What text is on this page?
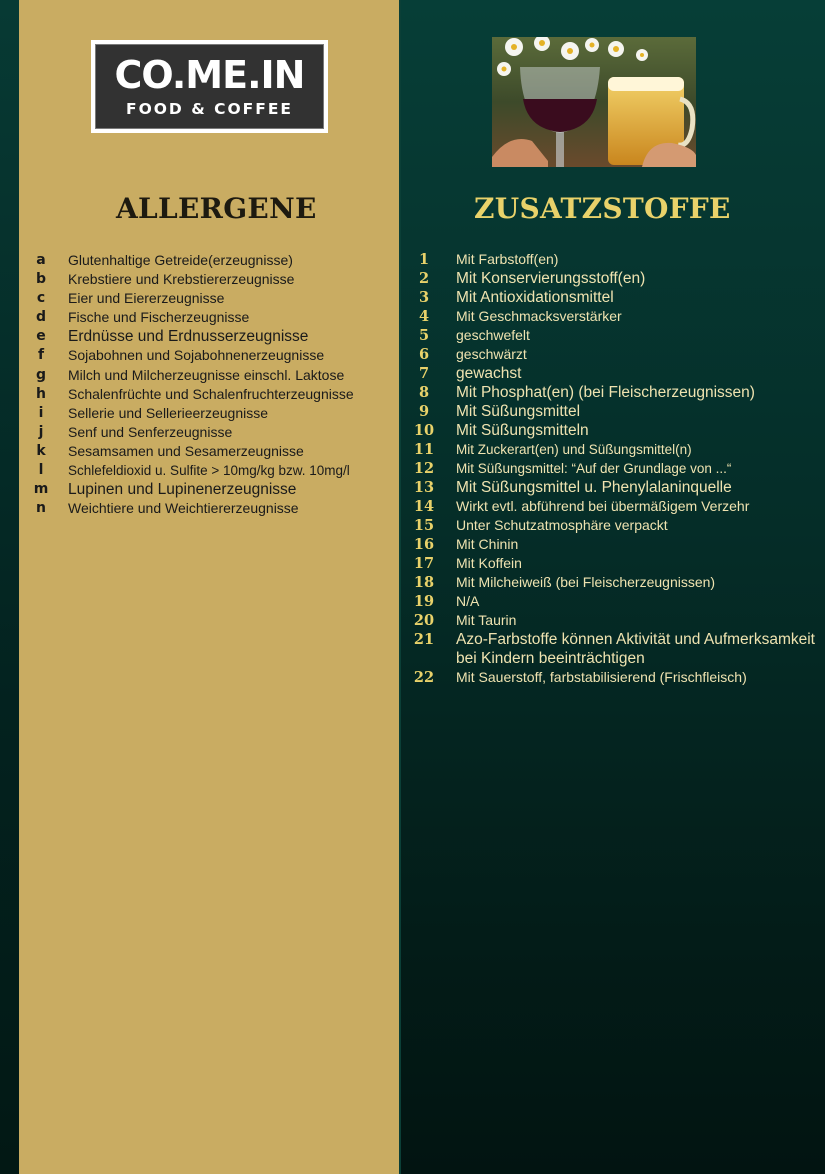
CO.ME.IN
FOOD & COFFEE
ALLERGENE	ZUSATZSTOFFE
a	Glutenhaltige Getreide(erzeugnisse)
b	Krebstiere und Krebstiererzeugnisse
c	Eier und Eiererzeugnisse
d	Fische und Fischerzeugnisse
e	Erdnüsse und Erdnusserzeugnisse
f	Sojabohnen und Sojabohnenerzeugnisse
g	Milch und Milcherzeugnisse einschl. Laktose
h	Schalenfrüchte und Schalenfruchterzeugnisse
i	Sellerie und Sellerieerzeugnisse
j	Senf und Senferzeugnisse
k	Sesamsamen und Sesamerzeugnisse
l	Schlefeldioxid u. Sulfite > 10mg/kg bzw. 10mg/l
m	Lupinen und Lupinenerzeugnisse
n	Weichtiere und Weichtiererzeugnisse
1	Mit Farbstoff(en)
2	Mit Konservierungsstoff(en)
3	Mit Antioxidationsmittel
4	Mit Geschmacksverstärker
5	geschwefelt
6	geschwärzt
7	gewachst
8	Mit Phosphat(en) (bei Fleischerzeugnissen)
9	Mit Süßungsmittel
10 Mit Süßungsmitteln
11 Mit Zuckerart(en) und Süßungsmittel(n)
12 Mit Süßungsmittel: “Auf der Grundlage von ...“
13 Mit Süßungsmittel u. Phenylalaninquelle
14 Wirkt evtl. abführend bei übermäßigem Verzehr
15 Unter Schutzatmosphäre verpackt
16 Mit Chinin
17 Mit Koffein
18 Mit Milcheiweiß (bei Fleischerzeugnissen)
19 N/A
20 Mit Taurin
21 Azo-Farbstoffe können Aktivität und Aufmerksamkeit bei Kindern beeinträchtigen
22 Mit Sauerstoff, farbstabilisierend (Frischfleisch)
